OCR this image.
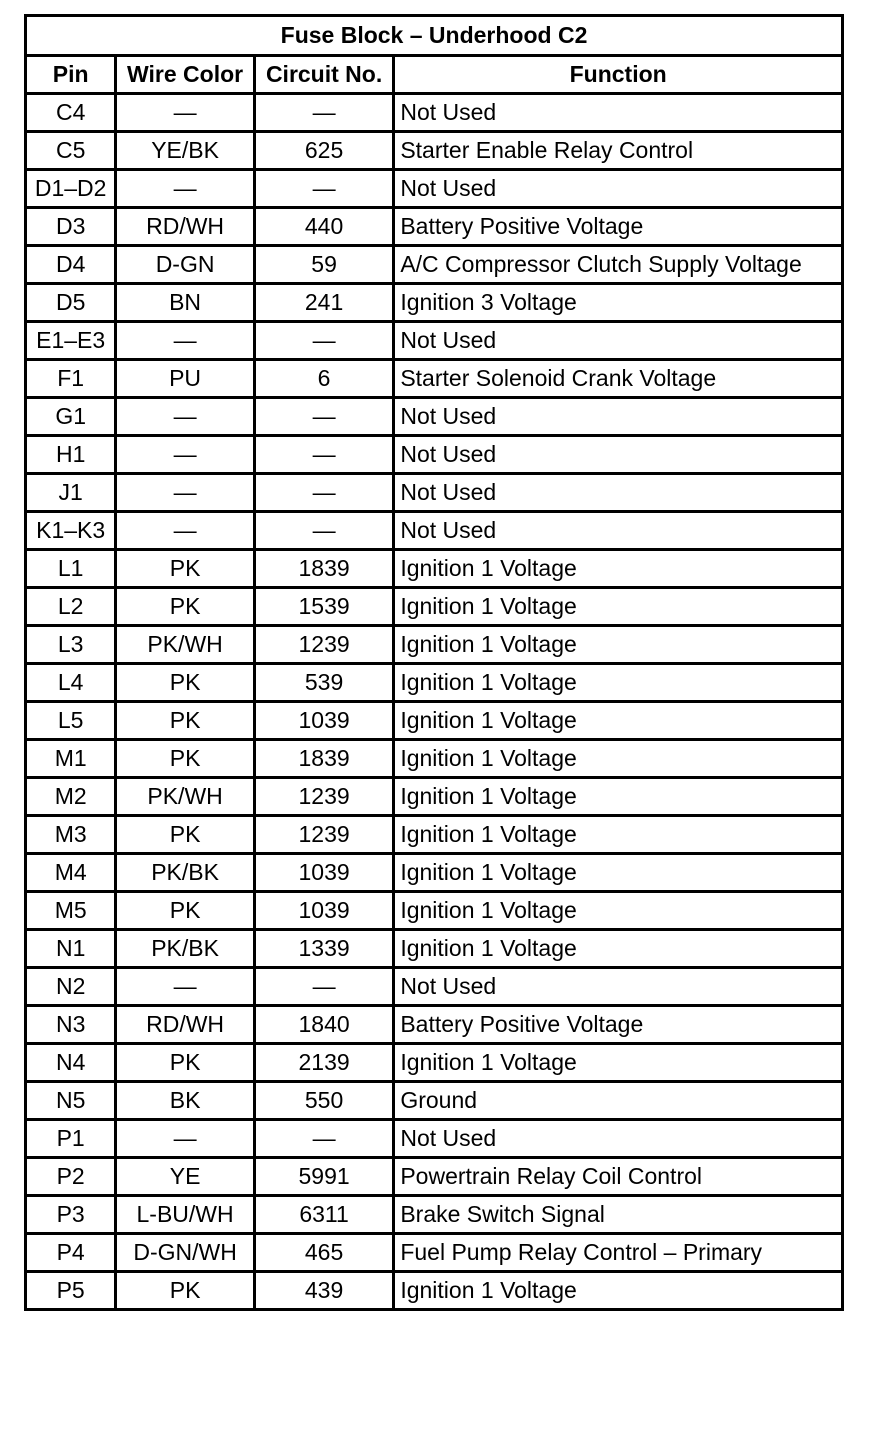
Fuse Block – Underhood C2			
Pin	Wire Color	Circuit No.	Function
C4	—	—	Not Used
C5	YE/BK	625	Starter Enable Relay Control
D1–D2	—	—	Not Used
D3	RD/WH	440	Battery Positive Voltage
D4	D-GN	59	A/C Compressor Clutch Supply Voltage
D5	BN	241	Ignition 3 Voltage
E1–E3	—	—	Not Used
F1	PU	6	Starter Solenoid Crank Voltage
G1	—	—	Not Used
H1	—	—	Not Used
J1	—	—	Not Used
K1–K3	—	—	Not Used
L1	PK	1839	Ignition 1 Voltage
L2	PK	1539	Ignition 1 Voltage
L3	PK/WH	1239	Ignition 1 Voltage
L4	PK	539	Ignition 1 Voltage
L5	PK	1039	Ignition 1 Voltage
M1	PK	1839	Ignition 1 Voltage
M2	PK/WH	1239	Ignition 1 Voltage
M3	PK	1239	Ignition 1 Voltage
M4	PK/BK	1039	Ignition 1 Voltage
M5	PK	1039	Ignition 1 Voltage
N1	PK/BK	1339	Ignition 1 Voltage
N2	—	—	Not Used
N3	RD/WH	1840	Battery Positive Voltage
N4	PK	2139	Ignition 1 Voltage
N5	BK	550	Ground
P1	—	—	Not Used
P2	YE	5991	Powertrain Relay Coil Control
P3	L-BU/WH	6311	Brake Switch Signal
P4	D-GN/WH	465	Fuel Pump Relay Control – Primary
P5	PK	439	Ignition 1 Voltage
